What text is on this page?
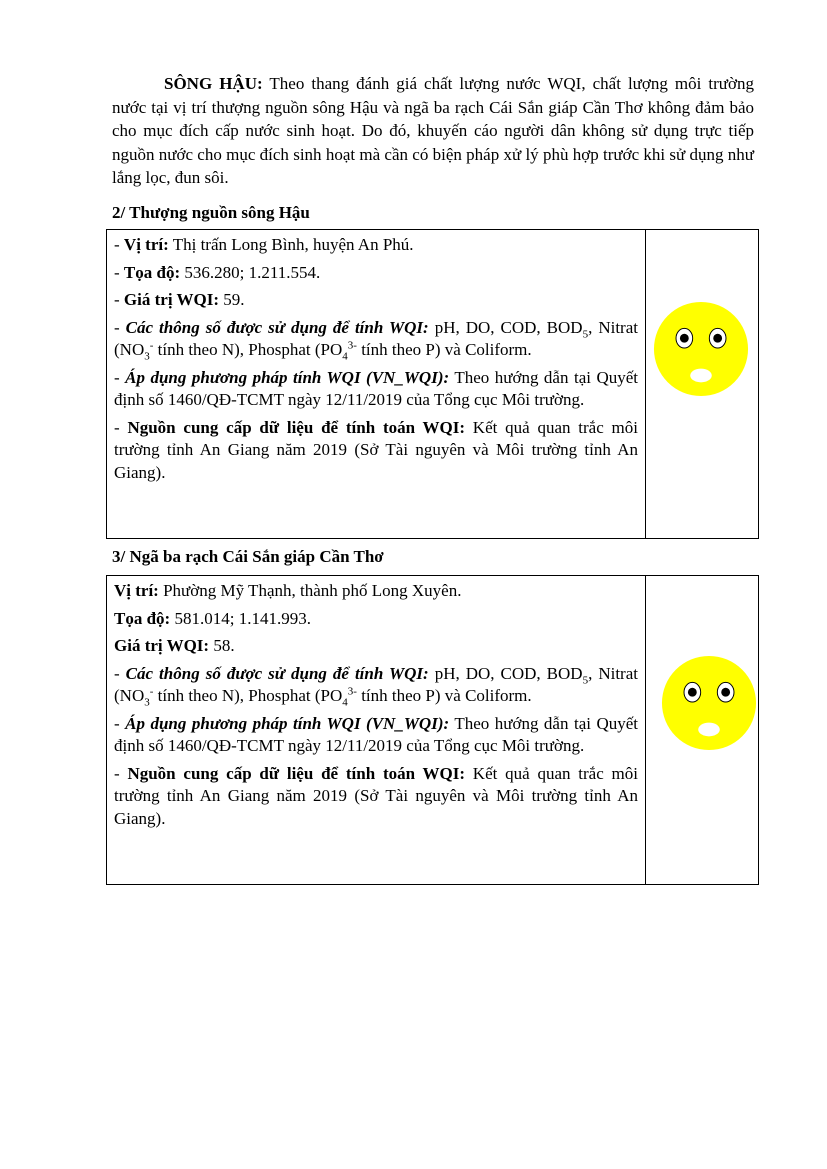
SÔNG HẬU: Theo thang đánh giá chất lượng nước WQI, chất lượng môi trường nước tại vị trí thượng nguồn sông Hậu và ngã ba rạch Cái Sắn giáp Cần Thơ không đảm bảo cho mục đích cấp nước sinh hoạt. Do đó, khuyến cáo người dân không sử dụng trực tiếp nguồn nước cho mục đích sinh hoạt mà cần có biện pháp xử lý phù hợp trước khi sử dụng như lắng lọc, đun sôi.

2/ Thượng nguồn sông Hậu

- Vị trí: Thị trấn Long Bình, huyện An Phú.

- Tọa độ: 536.280; 1.211.554.

- Giá trị WQI: 59.

- Các thông số được sử dụng để tính WQI: pH, DO, COD, $BOD_5$, Nitrat ($NO_3^-$ tính theo N), Phosphat ($PO_4^{3-}$ tính theo P) và Coliform.

- Áp dụng phương pháp tính WQI (VN_WQI): Theo hướng dẫn tại Quyết định số 1460/QĐ-TCMT ngày 12/11/2019 của Tổng cục Môi trường.

- Nguồn cung cấp dữ liệu để tính toán WQI: Kết quả quan trắc môi trường tỉnh An Giang năm 2019 (Sở Tài nguyên và Môi trường tỉnh An Giang).

3/ Ngã ba rạch Cái Sắn giáp Cần Thơ

Vị trí: Phường Mỹ Thạnh, thành phố Long Xuyên.

Tọa độ: 581.014; 1.141.993.

Giá trị WQI: 58.

- Các thông số được sử dụng để tính WQI: pH, DO, COD, $BOD_5$, Nitrat ($NO_3^-$ tính theo N), Phosphat ($PO_4^{3-}$ tính theo P) và Coliform.

- Áp dụng phương pháp tính WQI (VN_WQI): Theo hướng dẫn tại Quyết định số 1460/QĐ-TCMT ngày 12/11/2019 của Tổng cục Môi trường.

- Nguồn cung cấp dữ liệu để tính toán WQI: Kết quả quan trắc môi trường tỉnh An Giang năm 2019 (Sở Tài nguyên và Môi trường tỉnh An Giang).
